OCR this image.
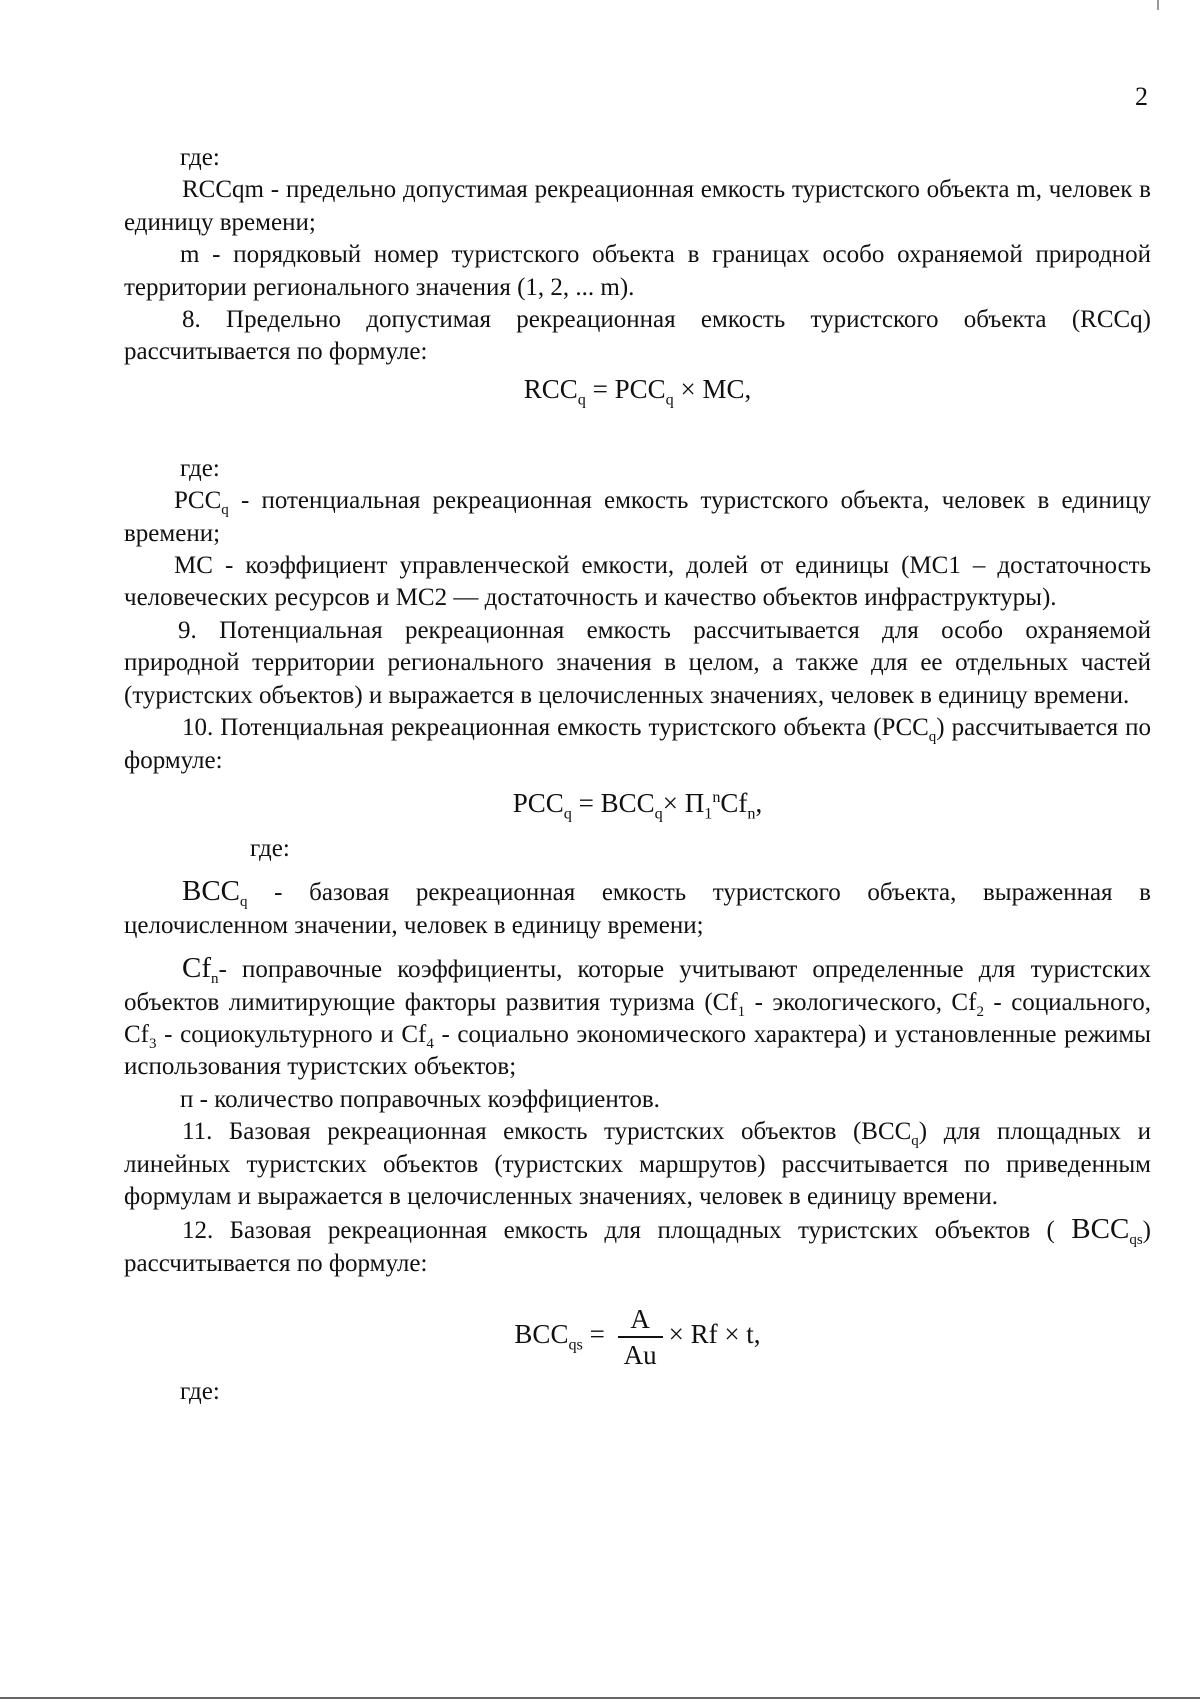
2

где:

RCCqm - предельно допустимая рекреационная емкость туристского объекта m, человек в единицу времени;

m - порядковый номер туристского объекта в границах особо охраняемой природной территории регионального значения (1, 2, ... m).

8. Предельно допустимая рекреационная емкость туристского объекта (RCCq) рассчитывается по формуле:

$RCC_q = PCC_q$ × MC,

где:

$PCC_q$ - потенциальная рекреационная емкость туристского объекта, человек в единицу времени;

MC - коэффициент управленческой емкости, долей от единицы (MC1 – достаточность человеческих ресурсов и MC2 — достаточность и качество объектов инфраструктуры).

9. Потенциальная рекреационная емкость рассчитывается для особо охраняемой природной территории регионального значения в целом, а также для ее отдельных частей (туристских объектов) и выражается в целочисленных значениях, человек в единицу времени.

10. Потенциальная рекреационная емкость туристского объекта $(PCC_q)$ рассчитывается по формуле:

$PCC_q = BCC_q\times П_1^nCf_n$,

где:

$BCC_q$ - базовая рекреационная емкость туристского объекта, выраженная в целочисленном значении, человек в единицу времени;

$Cf_n-$ поправочные коэффициенты, которые учитывают определенные для туристских объектов лимитирующие факторы развития туризма ($Cf_1$ - экологического, $Cf_2$ - социального, $Cf_3$ - социокультурного и $Cf_4$ - социально экономического характера) и установленные режимы использования туристских объектов;

п - количество поправочных коэффициентов.

11. Базовая рекреационная емкость туристских объектов $(BCC_q)$ для площадных и линейных туристских объектов (туристских маршрутов) рассчитывается по приведенным формулам и выражается в целочисленных значениях, человек в единицу времени.

12. Базовая рекреационная емкость для площадных туристских объектов ( $BCC_{qs}$) рассчитывается по формуле:

$BCC_{qs} = \frac{A}{Au} \times Rf \times t$,

где:
